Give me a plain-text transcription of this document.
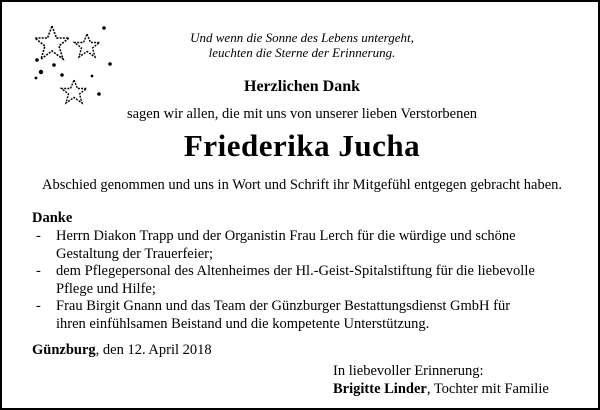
Und wenn die Sonne des Lebens untergeht,
leuchten die Sterne der Erinnerung.
Herzlichen Dank
sagen wir allen, die mit uns von unserer lieben Verstorbenen
Friederika Jucha
Abschied genommen und uns in Wort und Schrift ihr Mitgefühl entgegen gebracht haben.
Danke
- Herrn Diakon Trapp und der Organistin Frau Lerch für die würdige und schöne
Gestaltung der Trauerfeier;
- dem Pflegepersonal des Altenheimes der Hl.-Geist-Spitalstiftung für die liebevolle
Pflege und Hilfe;
- Frau Birgit Gnann und das Team der Günzburger Bestattungsdienst GmbH für
ihren einfühlsamen Beistand und die kompetente Unterstützung.
Günzburg, den 12. April 2018
In liebevoller Erinnerung:
Brigitte Linder, Tochter mit Familie
